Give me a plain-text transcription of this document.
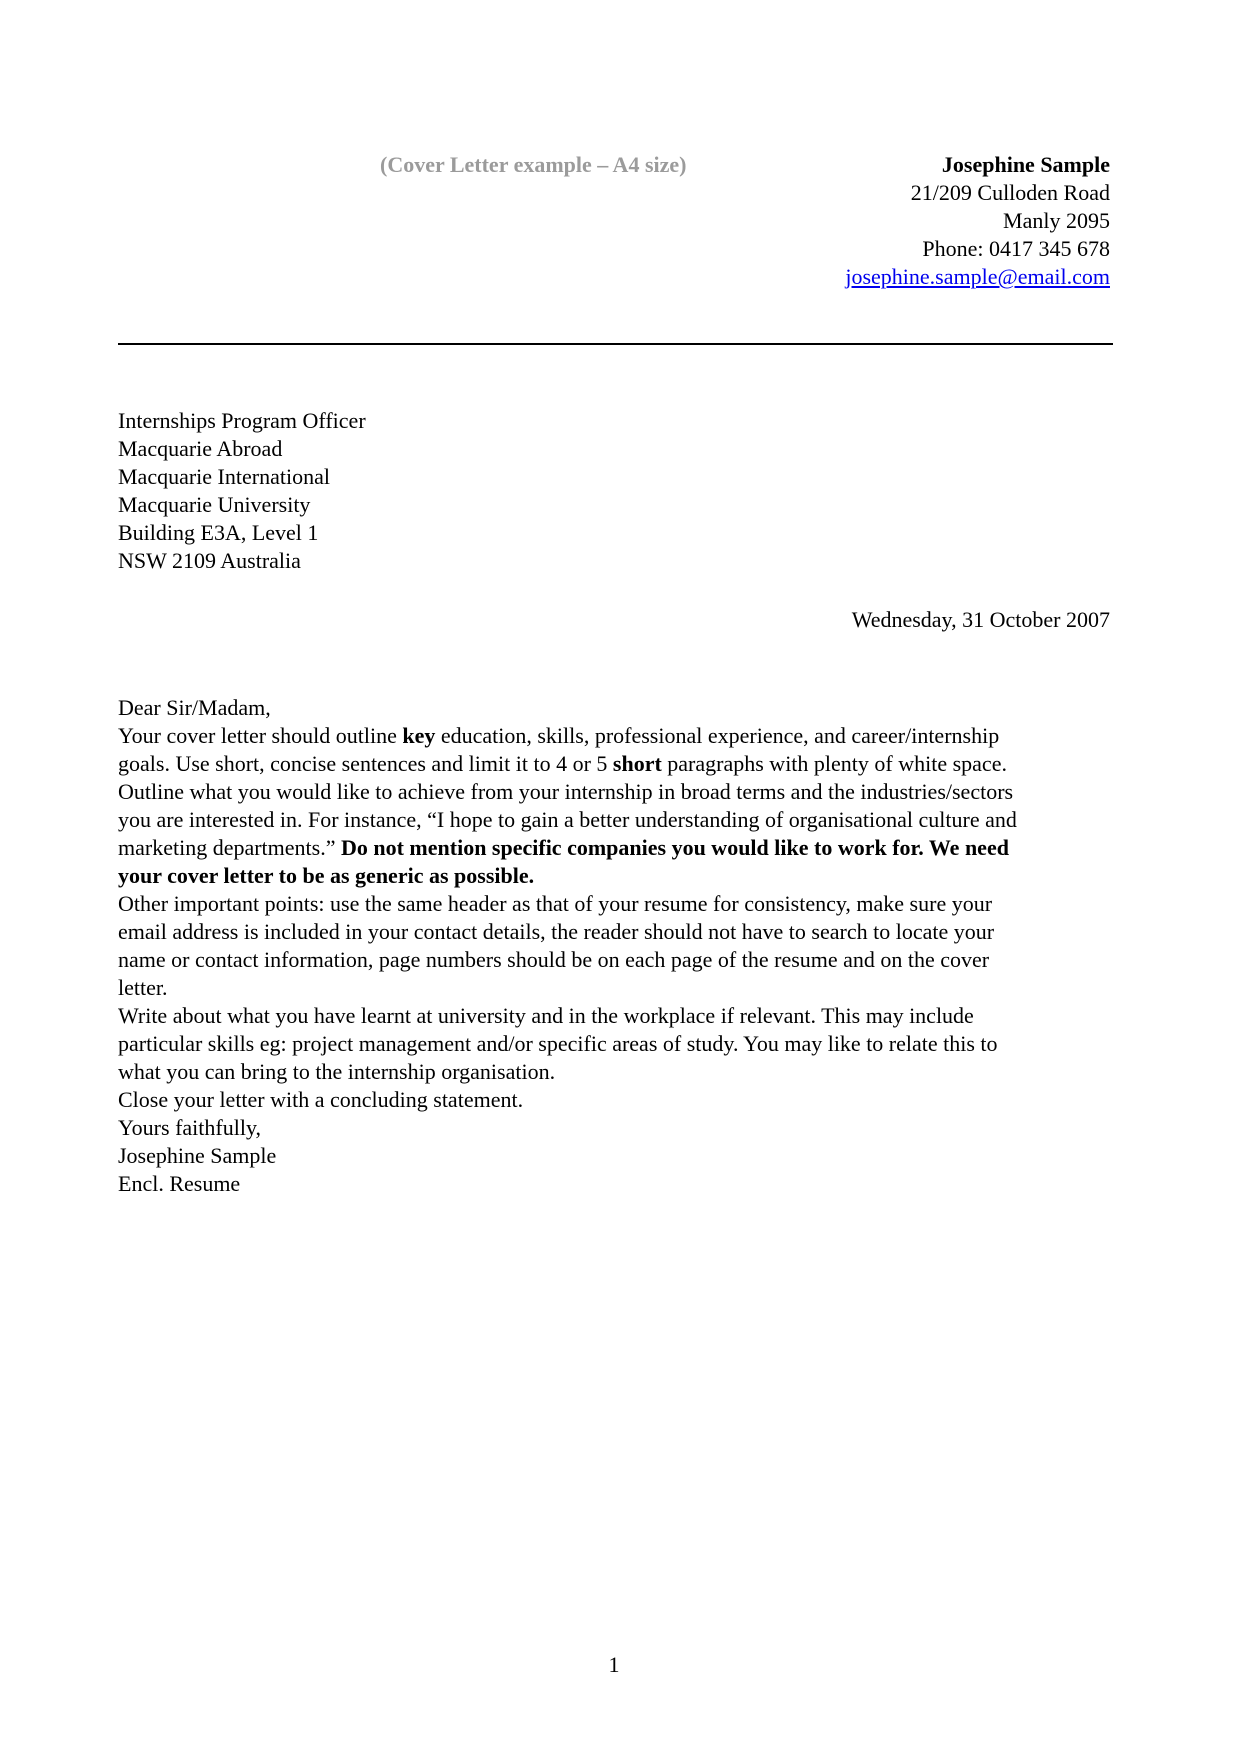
(Cover Letter example – A4 size)	Josephine Sample
21/209 Culloden Road
Manly 2095
Phone: 0417 345 678
josephine.sample@email.com
Internships Program Officer
Macquarie Abroad
Macquarie International
Macquarie University
Building E3A, Level 1
NSW 2109 Australia
Wednesday, 31 October 2007

Dear Sir/Madam,

Your cover letter should outline key education, skills, professional experience, and career/internship goals. Use short, concise sentences and limit it to 4 or 5 short paragraphs with plenty of white space.

Outline what you would like to achieve from your internship in broad terms and the industries/sectors you are interested in. For instance, “I hope to gain a better understanding of organisational culture and marketing departments.” Do not mention specific companies you would like to work for. We need your cover letter to be as generic as possible.

Other important points: use the same header as that of your resume for consistency, make sure your email address is included in your contact details, the reader should not have to search to locate your name or contact information, page numbers should be on each page of the resume and on the cover letter.

Write about what you have learnt at university and in the workplace if relevant. This may include particular skills eg: project management and/or specific areas of study. You may like to relate this to what you can bring to the internship organisation.

Close your letter with a concluding statement.

Yours faithfully,

Josephine Sample

Encl. Resume

1
